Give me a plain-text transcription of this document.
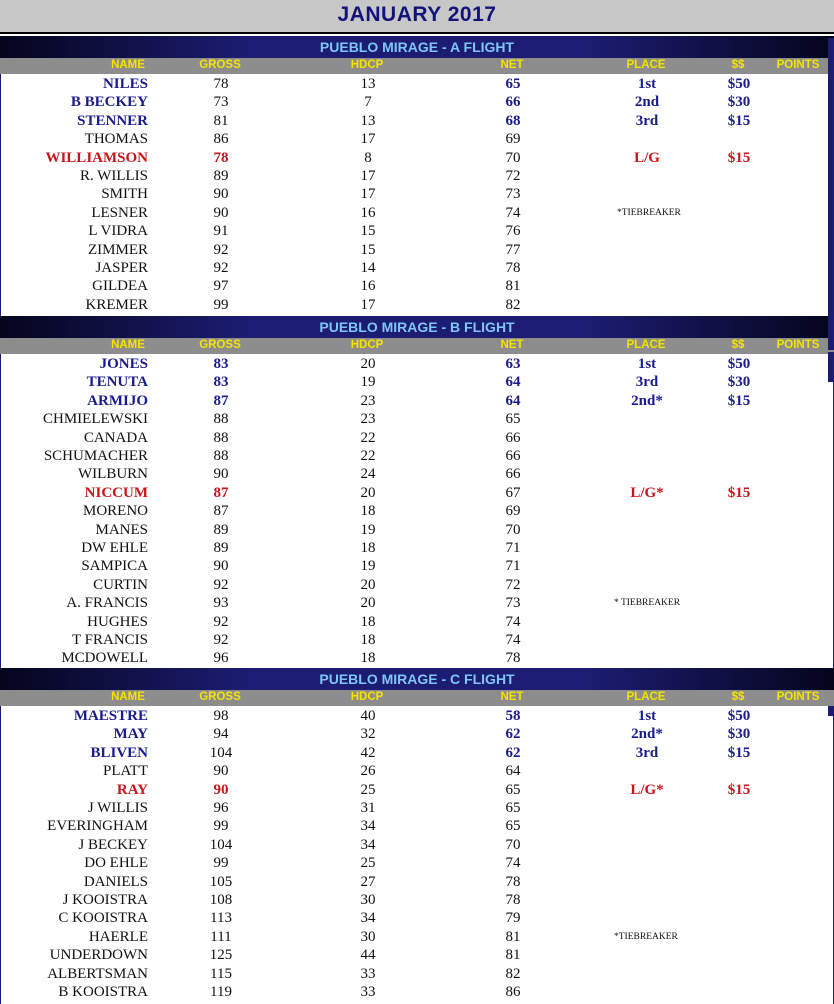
JANUARY 2017
PUEBLO MIRAGE - A FLIGHT
NAME	GROSS	HDCP	NET	PLACE	$$	POINTS
NILES	78	13	65	1st	$50
B BECKEY	73	7	66	2nd	$30
STENNER	81	13	68	3rd	$15
THOMAS	86	17	69
WILLIAMSON	78	8	70	L/G	$15
R. WILLIS	89	17	72
SMITH	90	17	73
LESNER	90	16	74
L VIDRA	91	15	76
ZIMMER	92	15	77
JASPER	92	14	78
GILDEA	97	16	81
KREMER	99	17	82
*TIEBREAKER
PUEBLO MIRAGE - B FLIGHT
NAME	GROSS	HDCP	NET	PLACE	$$	POINTS
JONES	83	20	63	1st	$50
TENUTA	83	19	64	3rd	$30
ARMIJO	87	23	64	2nd*	$15
CHMIELEWSKI	88	23	65
CANADA	88	22	66
SCHUMACHER	88	22	66
WILBURN	90	24	66
NICCUM	87	20	67	L/G*	$15
MORENO	87	18	69
MANES	89	19	70
DW EHLE	89	18	71
SAMPICA	90	19	71
CURTIN	92	20	72
A. FRANCIS	93	20	73
HUGHES	92	18	74
T FRANCIS	92	18	74
MCDOWELL	96	18	78
* TIEBREAKER
PUEBLO MIRAGE - C FLIGHT
NAME	GROSS	HDCP	NET	PLACE	$$	POINTS
MAESTRE	98	40	58	1st	$50
MAY	94	32	62	2nd*	$30
BLIVEN	104	42	62	3rd	$15
PLATT	90	26	64
RAY	90	25	65	L/G*	$15
J WILLIS	96	31	65
EVERINGHAM	99	34	65
J BECKEY	104	34	70
DO EHLE	99	25	74
DANIELS	105	27	78
J KOOISTRA	108	30	78
C KOOISTRA	113	34	79
HAERLE	111	30	81
UNDERDOWN	125	44	81
ALBERTSMAN	115	33	82
B KOOISTRA	119	33	86
*TIEBREAKER
